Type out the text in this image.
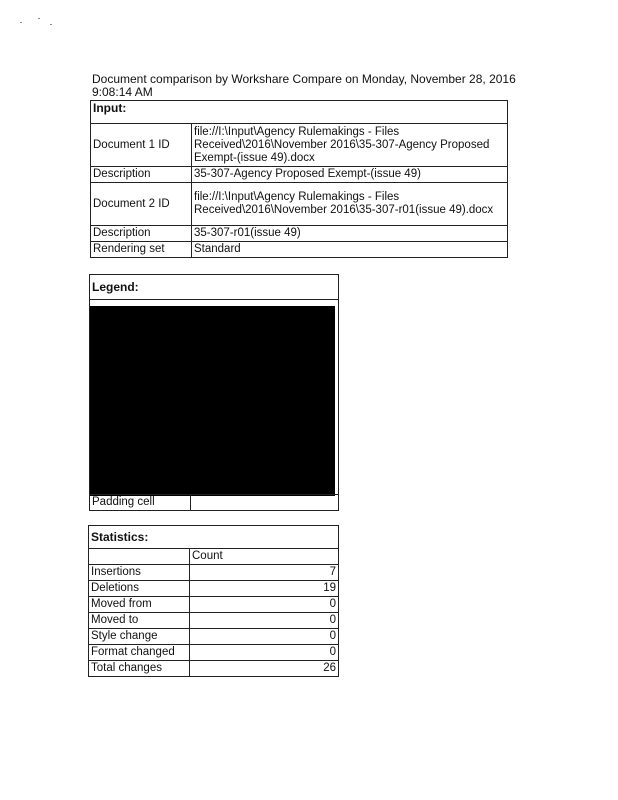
Document comparison by Workshare Compare on Monday, November 28, 2016
9:08:14 AM
Input:	
Document 1 ID	file://I:\Input\Agency Rulemakings - Files Received\2016\November 2016\35-307-Agency Proposed Exempt-(issue 49).docx
Description	35-307-Agency Proposed Exempt-(issue 49)
Document 2 ID	file://I:\Input\Agency Rulemakings - Files Received\2016\November 2016\35-307-r01(issue 49).docx
Description	35-307-r01(issue 49)
Rendering set	Standard
Legend:

Padding cell	
Statistics:	
	Count
Insertions	7
Deletions	19
Moved from	0
Moved to	0
Style change	0
Format changed	0
Total changes	26
